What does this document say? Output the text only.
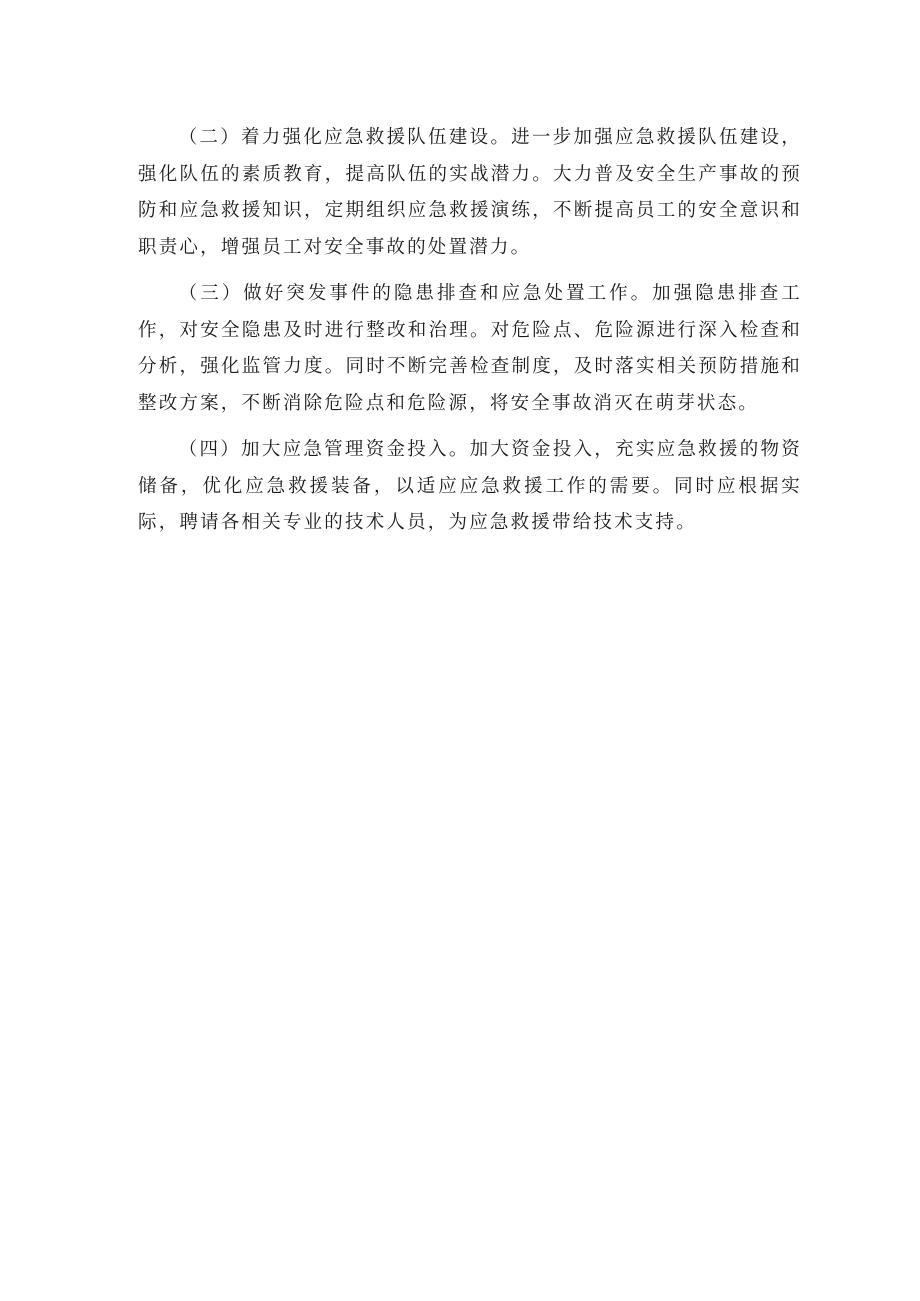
（二）着力强化应急救援队伍建设。进一步加强应急救援队伍建设，强化队伍的素质教育，提高队伍的实战潜力。大力普及安全生产事故的预防和应急救援知识，定期组织应急救援演练，不断提高员工的安全意识和职责心，增强员工对安全事故的处置潜力。

（三）做好突发事件的隐患排查和应急处置工作。加强隐患排查工作，对安全隐患及时进行整改和治理。对危险点、危险源进行深入检查和分析，强化监管力度。同时不断完善检查制度，及时落实相关预防措施和整改方案，不断消除危险点和危险源，将安全事故消灭在萌芽状态。

（四）加大应急管理资金投入。加大资金投入，充实应急救援的物资储备，优化应急救援装备，以适应应急救援工作的需要。同时应根据实际，聘请各相关专业的技术人员，为应急救援带给技术支持。
